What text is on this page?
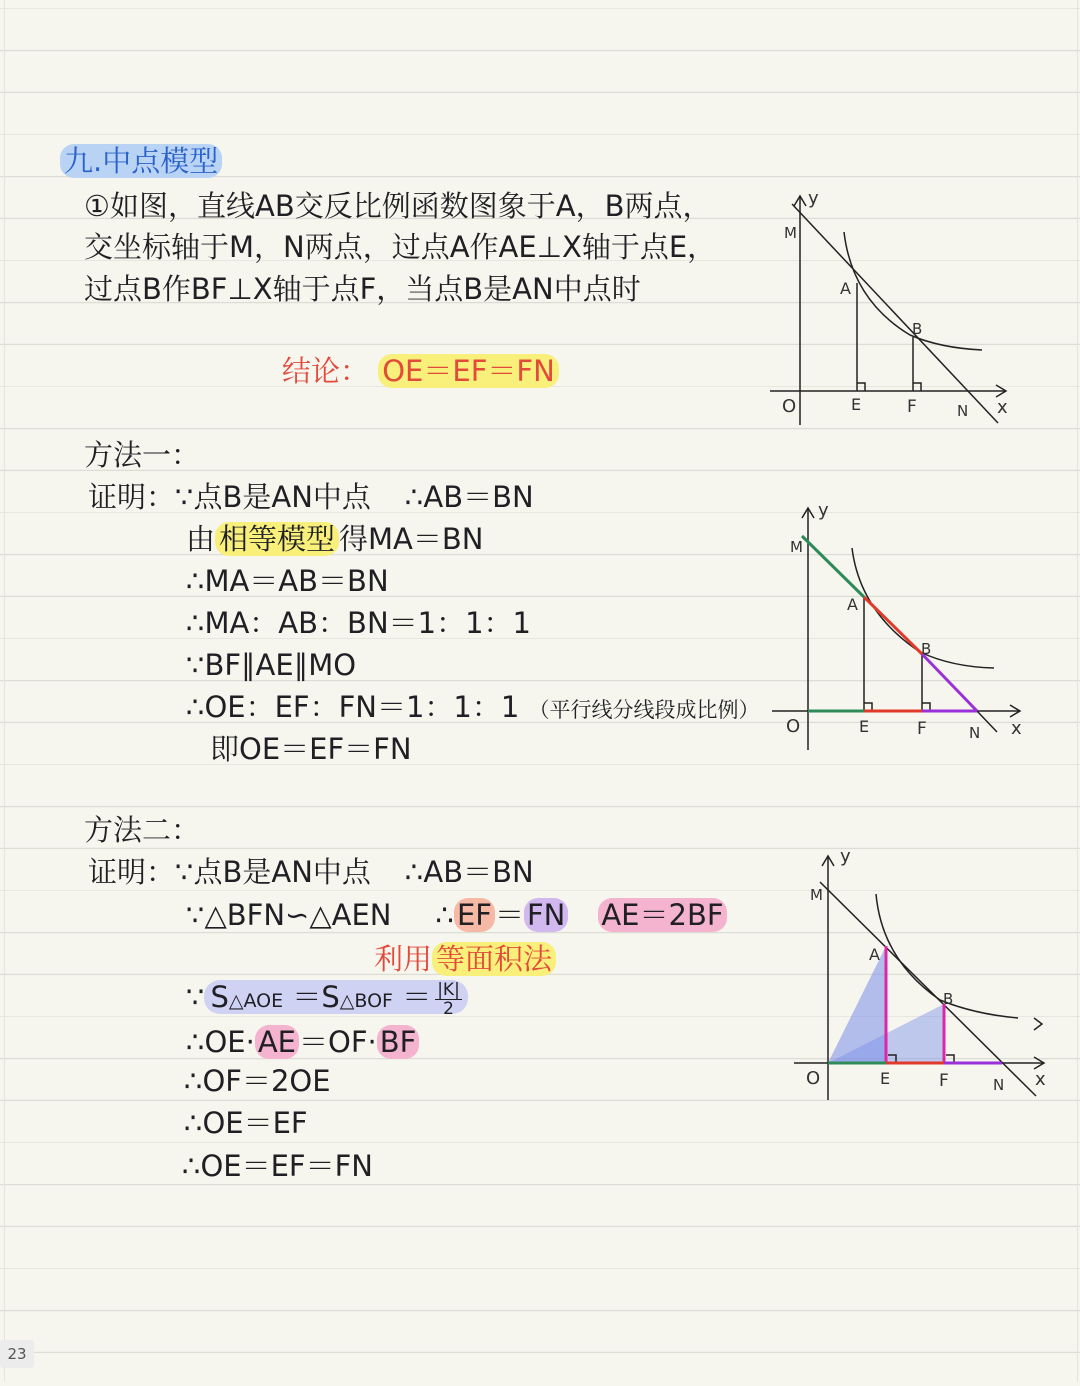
九.中点模型
①如图，直线AB交反比例函数图象于A，B两点，
交坐标轴于M，N两点，过点A作AE⊥X轴于点E，
过点B作BF⊥X轴于点F，当点B是AN中点时
结论： OE＝EF＝FN
方法一：
证明：∵点B是AN中点 ∴AB＝BN
由 相等模型 得MA＝BN
∴MA＝AB＝BN
∴MA：AB：BN＝1：1：1
∵BF∥AE∥MO
∴OE：EF：FN＝1：1：1 （平行线分线段成比例）
即OE＝EF＝FN
方法二：
证明：∵点B是AN中点 ∴AB＝BN
∵△BFN∽△AEN ∴ EF ＝ FN AE＝2BF
利用 等面积法
∵ S△AOE ＝S△BOF ＝ $\frac{|K|}{2}$
∴OE· AE ＝OF· BF
∴OF＝2OE
∴OE＝EF
∴OE＝EF＝FN
y
M
A
B
O	E	F	N x
y
M
A
B
O	E	F	N x
y
M
A
B
O	E	F	N x
23
